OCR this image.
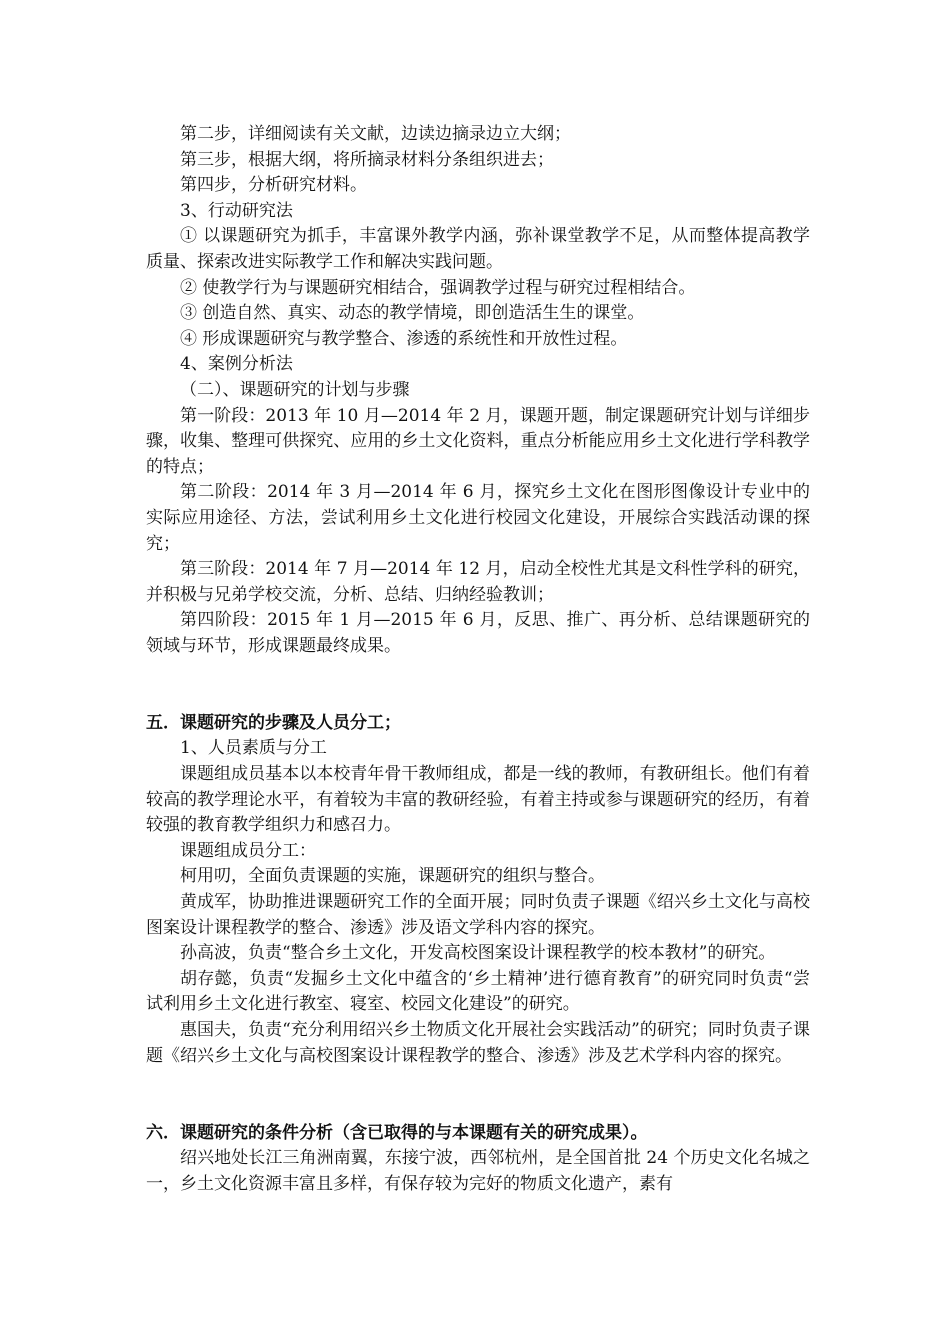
第二步，详细阅读有关文献，边读边摘录边立大纲；

第三步，根据大纲，将所摘录材料分条组织进去；

第四步，分析研究材料。

3、行动研究法

① 以课题研究为抓手，丰富课外教学内涵，弥补课堂教学不足，从而整体提高教学质量、探索改进实际教学工作和解决实践问题。

② 使教学行为与课题研究相结合，强调教学过程与研究过程相结合。

③ 创造自然、真实、动态的教学情境，即创造活生生的课堂。

④ 形成课题研究与教学整合、渗透的系统性和开放性过程。

4、案例分析法

（二）、课题研究的计划与步骤

第一阶段：2013 年 10 月—2014 年 2 月，课题开题，制定课题研究计划与详细步骤，收集、整理可供探究、应用的乡土文化资料，重点分析能应用乡土文化进行学科教学的特点；

第二阶段：2014 年 3 月—2014 年 6 月，探究乡土文化在图形图像设计专业中的实际应用途径、方法，尝试利用乡土文化进行校园文化建设，开展综合实践活动课的探究；

第三阶段：2014 年 7 月—2014 年 12 月，启动全校性尤其是文科性学科的研究，并积极与兄弟学校交流，分析、总结、归纳经验教训；

第四阶段：2015 年 1 月—2015 年 6 月，反思、推广、再分析、总结课题研究的领域与环节，形成课题最终成果。

五．课题研究的步骤及人员分工；

1、人员素质与分工

课题组成员基本以本校青年骨干教师组成，都是一线的教师，有教研组长。他们有着较高的教学理论水平，有着较为丰富的教研经验，有着主持或参与课题研究的经历，有着较强的教育教学组织力和感召力。

课题组成员分工：

柯用叨，全面负责课题的实施，课题研究的组织与整合。

黄成军，协助推进课题研究工作的全面开展；同时负责子课题《绍兴乡土文化与高校图案设计课程教学的整合、渗透》涉及语文学科内容的探究。

孙高波，负责“整合乡土文化，开发高校图案设计课程教学的校本教材”的研究。

胡存懿，负责“发掘乡土文化中蕴含的‘乡土精神’进行德育教育”的研究同时负责“尝试利用乡土文化进行教室、寝室、校园文化建设”的研究。

惠国夫，负责“充分利用绍兴乡土物质文化开展社会实践活动”的研究；同时负责子课题《绍兴乡土文化与高校图案设计课程教学的整合、渗透》涉及艺术学科内容的探究。

六．课题研究的条件分析（含已取得的与本课题有关的研究成果）。

绍兴地处长江三角洲南翼，东接宁波，西邻杭州，是全国首批 24 个历史文化名城之一，乡土文化资源丰富且多样，有保存较为完好的物质文化遗产，素有
